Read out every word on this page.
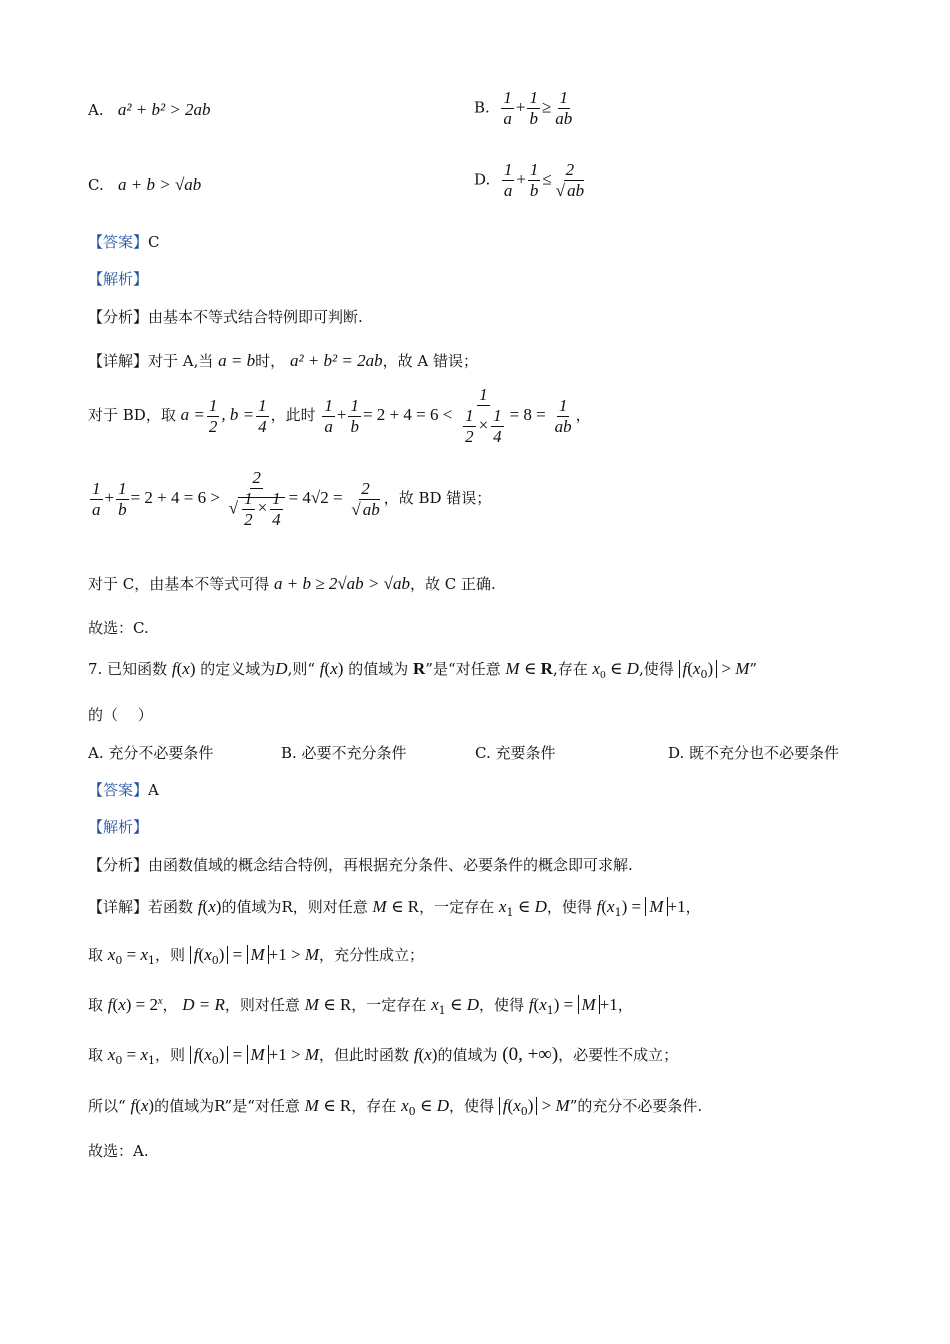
A. a² + b² > 2ab	B. $\frac{1}{a} + \frac{1}{b} \ge \frac{1}{ab}$
C. a + b > √ab	D. $\frac{1}{a} + \frac{1}{b} \le \frac{2}{√ ab}$
【答案】C
【解析】
【分析】由基本不等式结合特例即可判断.
【详解】对于 A,当 a = b时， a² + b² = 2ab，故 A 错误；
对于 BD，取 $a = \frac{1}{2}$ , $b = \frac{1}{4}$ ，此时 $\frac{1}{a} + \frac{1}{b} = 2 + 4 = 6 < \frac{1}{\frac{1}{2} \times \frac{1}{4}} = 8 = \frac{1}{ab}$ ，
$\frac{1}{a} + \frac{1}{b} = 2 + 4 = 6 > \frac{2}{√ \frac{1}{2} \times \frac{1}{4}} = 4√2 = \frac{2}{√ ab}$ ，故 BD 错误；
对于 C，由基本不等式可得 a + b ≥ 2√ab > √ab，故 C 正确.
故选：C.
7. 已知函数 f(x) 的定义域为D,则“ f(x) 的值域为 R”是“对任意 M ∈ R,存在 $x_0$ ∈ D,使得 $f(x_0) > M$”
的（　 ）
A. 充分不必要条件	B. 必要不充分条件	C. 充要条件	D. 既不充分也不必要条件
【答案】A
【解析】
【分析】由函数值域的概念结合特例，再根据充分条件、必要条件的概念即可求解.
【详解】若函数 f(x)的值域为R，则对任意 M ∈ R，一定存在 $x_1$ ∈ D，使得 $f(x_1) = M +1$，
取 $x_0 = x_1$，则 $f(x_0) = M +1 > M$，充分性成立；
取 $f(x) = 2^x$， D = R，则对任意 M ∈ R，一定存在 $x_1$ ∈ D，使得 $f(x_1) = M +1$，
取 $x_0 = x_1$，则 $f(x_0) = M +1 > M$，但此时函数 f(x)的值域为 (0, +∞)，必要性不成立；
所以“ f(x)的值域为R”是“对任意 M ∈ R，存在 $x_0$ ∈ D，使得 $f(x_0) > M$”的充分不必要条件.
故选：A.
